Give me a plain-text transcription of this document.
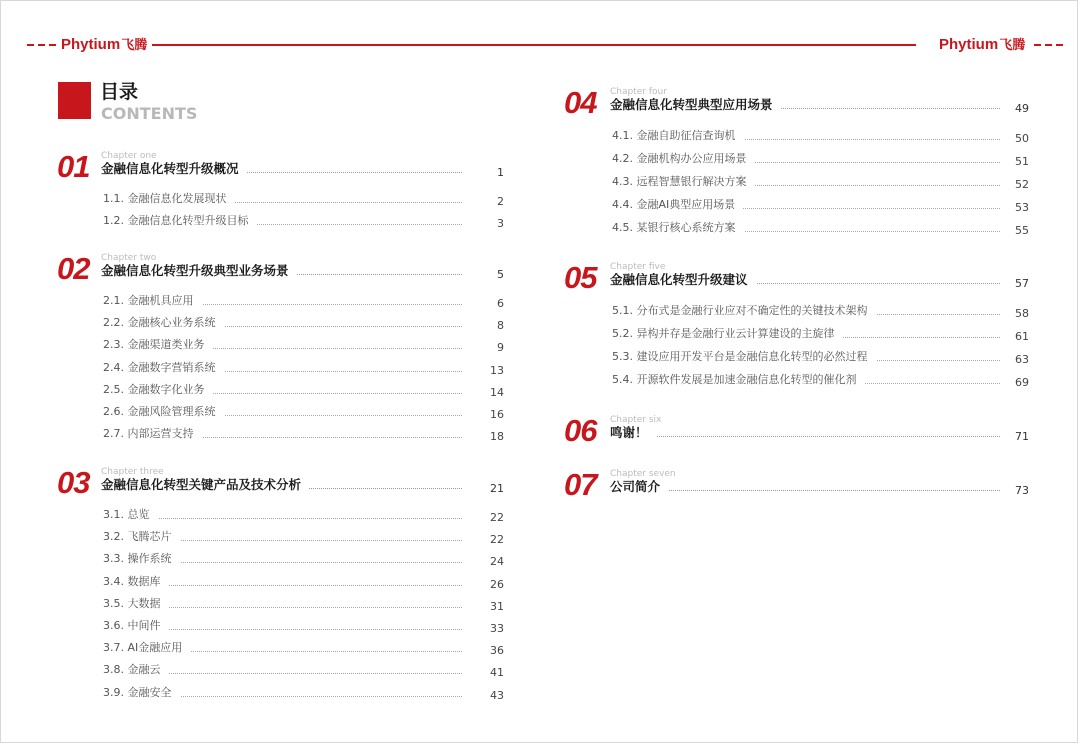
Phytium飞腾	Phytium飞腾
目录
CONTENTS
01 Chapter one
金融信息化转型升级概况	1
1.1. 金融信息化发展现状	2
1.2. 金融信息化转型升级目标	3
02 Chapter two
金融信息化转型升级典型业务场景	5
2.1. 金融机具应用	6
2.2. 金融核心业务系统	8
2.3. 金融渠道类业务	9
2.4. 金融数字营销系统	13
2.5. 金融数字化业务	14
2.6. 金融风险管理系统	16
2.7. 内部运营支持	18
03 Chapter three
金融信息化转型关键产品及技术分析	21
3.1. 总览	22
3.2. 飞腾芯片	22
3.3. 操作系统	24
3.4. 数据库	26
3.5. 大数据	31
3.6. 中间件	33
3.7. AI金融应用	36
3.8. 金融云	41
3.9. 金融安全	43
04 Chapter four
金融信息化转型典型应用场景	49
4.1. 金融自助征信查询机	50
4.2. 金融机构办公应用场景	51
4.3. 远程智慧银行解决方案	52
4.4. 金融AI典型应用场景	53
4.5. 某银行核心系统方案	55
05 Chapter five
金融信息化转型升级建议	57
5.1. 分布式是金融行业应对不确定性的关键技术架构	58
5.2. 异构并存是金融行业云计算建设的主旋律	61
5.3. 建设应用开发平台是金融信息化转型的必然过程	63
5.4. 开源软件发展是加速金融信息化转型的催化剂	69
06 Chapter six
鸣谢！	71
07 Chapter seven
公司简介	73
